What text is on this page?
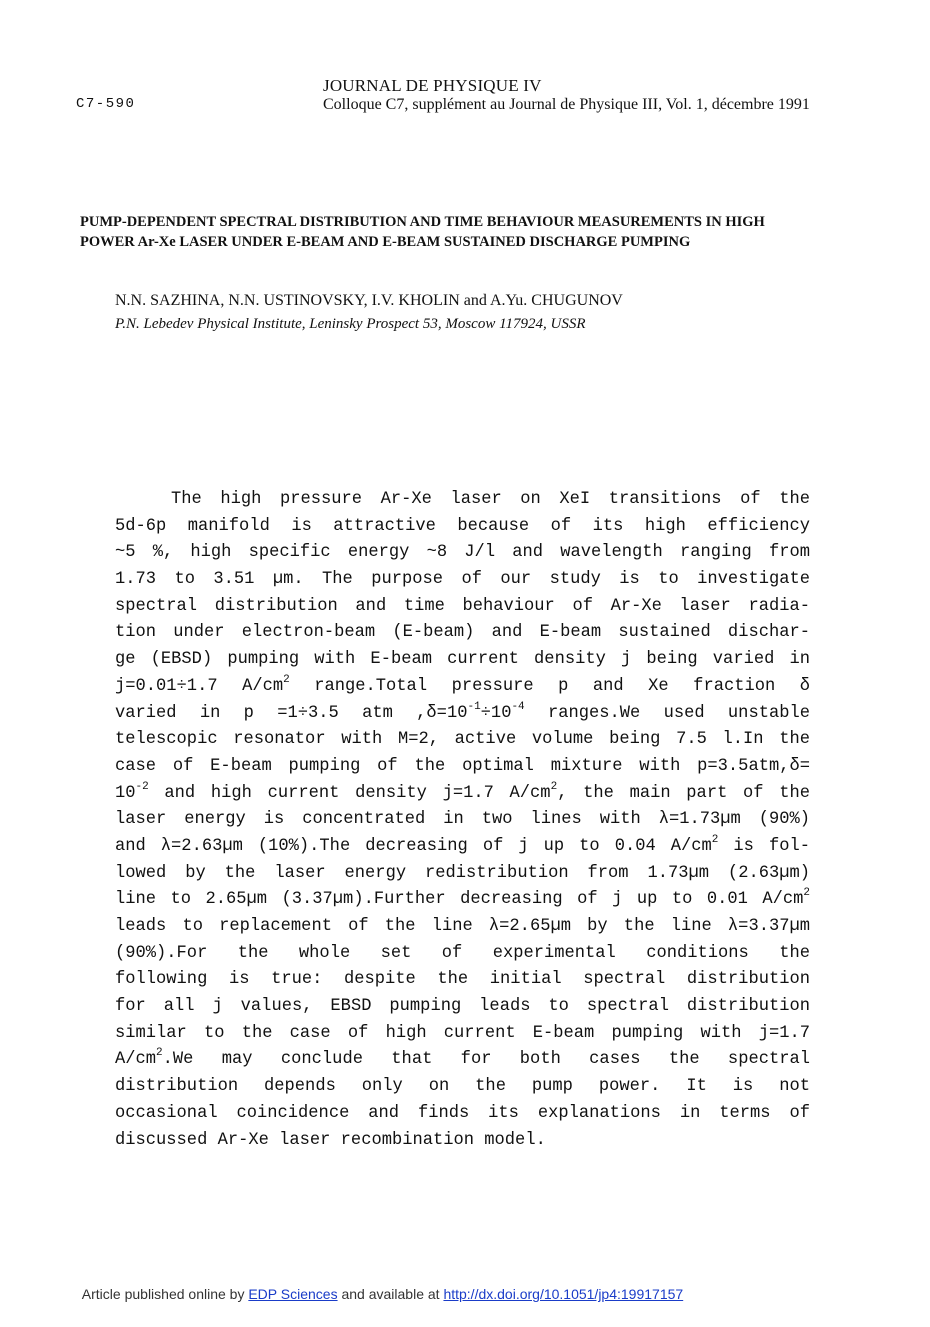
C7-590
JOURNAL DE PHYSIQUE IV
Colloque C7, supplément au Journal de Physique III, Vol. 1, décembre 1991
PUMP-DEPENDENT SPECTRAL DISTRIBUTION AND TIME BEHAVIOUR MEASUREMENTS IN HIGH POWER Ar-Xe LASER UNDER E-BEAM AND E-BEAM SUSTAINED DISCHARGE PUMPING
N.N. SAZHINA, N.N. USTINOVSKY, I.V. KHOLIN and A.Yu. CHUGUNOV
P.N. Lebedev Physical Institute, Leninsky Prospect 53, Moscow 117924, USSR
The high pressure Ar-Xe laser on XeI transitions of the
5d-6p manifold is attractive because of its high efficiency
~5 %, high specific energy ~8 J/l and wavelength ranging from
1.73 to 3.51 µm. The purpose of our study is to investigate
spectral distribution and time behaviour of Ar-Xe laser radia-
tion under electron-beam (E-beam) and E-beam sustained dischar-
ge (EBSD) pumping with E-beam current density j being varied in
j=0.01÷1.7 $A/cm^2$ range.Total pressure p and Xe fraction δ
varied in p =1÷3.5 atm $,\delta=10^{-1}\div 10^{-4}$ ranges.We used unstable
telescopic resonator with M=2, active volume being 7.5 l.In the
case of E-beam pumping of the optimal mixture with p=3.5atm,δ=
$10^{-2}$ and high current density j=1.7 $A/cm^2$, the main part of the
laser energy is concentrated in two lines with λ=1.73µm (90%)
and λ=2.63µm (10%).The decreasing of j up to 0.04 $A/cm^2$ is fol-
lowed by the laser energy redistribution from 1.73µm (2.63µm)
line to 2.65µm (3.37µm).Further decreasing of j up to 0.01 $A/cm^2$
leads to replacement of the line λ=2.65µm by the line λ=3.37µm
(90%).For the whole set of experimental conditions the
following is true: despite the initial spectral distribution
for all j values, EBSD pumping leads to spectral distribution
similar to the case of high current E-beam pumping with j=1.7
$A/cm^2.We$ may conclude that for both cases the spectral
distribution depends only on the pump power. It is not
occasional coincidence and finds its explanations in terms of
discussed Ar-Xe laser recombination model.
Article published online by EDP Sciences and available at http://dx.doi.org/10.1051/jp4:19917157
